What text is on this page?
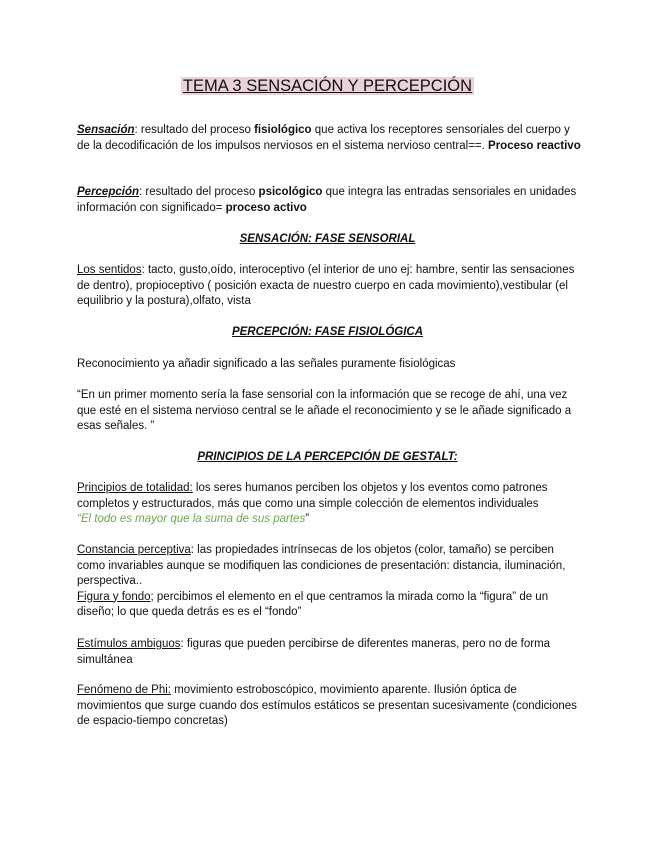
TEMA 3 SENSACIÓN Y PERCEPCIÓN

Sensación: resultado del proceso fisiológico que activa los receptores sensoriales del cuerpo y de la decodificación de los impulsos nerviosos en el sistema nervioso central==. Proceso reactivo

Percepción: resultado del proceso psicológico que integra las entradas sensoriales en unidades información con significado= proceso activo

SENSACIÓN: FASE SENSORIAL

Los sentidos: tacto, gusto,oído, interoceptivo (el interior de uno ej: hambre, sentir las sensaciones de dentro), propioceptivo ( posición exacta de nuestro cuerpo en cada movimiento),vestibular (el equilibrio y la postura),olfato, vista

PERCEPCIÓN: FASE FISIOLÓGICA

Reconocimiento ya añadir significado a las señales puramente fisiológicas

“En un primer momento sería la fase sensorial con la información que se recoge de ahí, una vez que esté en el sistema nervioso central se le añade el reconocimiento y se le añade significado a esas señales. ”

PRINCIPIOS DE LA PERCEPCIÓN DE GESTALT:

Principios de totalidad: los seres humanos perciben los objetos y los eventos como patrones completos y estructurados, más que como una simple colección de elementos individuales
“El todo es mayor que la suma de sus partes”

Constancia perceptiva: las propiedades intrínsecas de los objetos (color, tamaño) se perciben como invariables aunque se modifiquen las condiciones de presentación: distancia, iluminación, perspectiva..
Figura y fondo; percibimos el elemento en el que centramos la mirada como la “figura” de un diseño; lo que queda detrás es es el “fondo”

Estímulos ambiguos: figuras que pueden percibirse de diferentes maneras, pero no de forma simultánea

Fenómeno de Phi: movimiento estroboscópico, movimiento aparente. Ilusión óptica de movimientos que surge cuando dos estímulos estáticos se presentan sucesivamente (condiciones de espacio-tiempo concretas)
